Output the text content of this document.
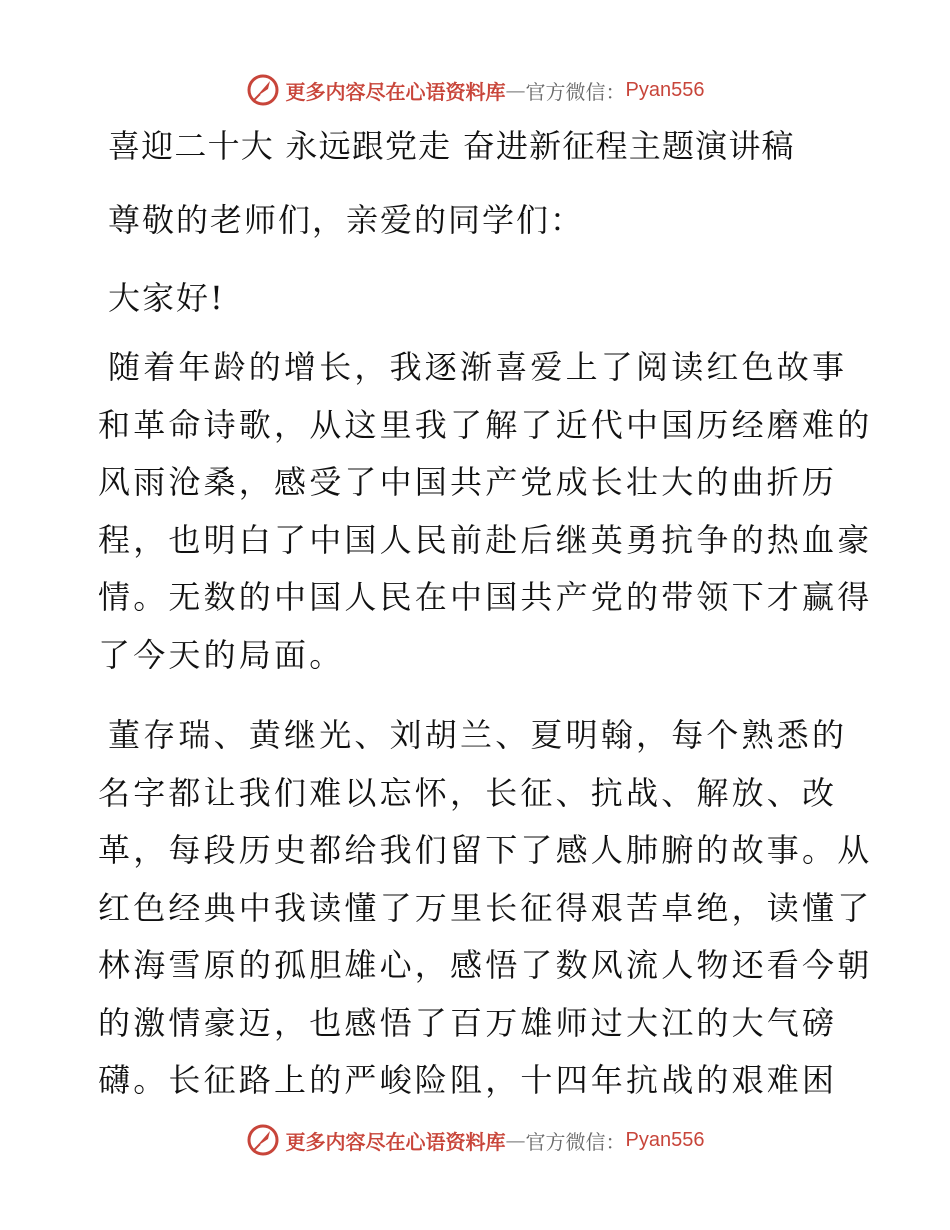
更多内容尽在心语资料库 — 官方微信： Pyan556
喜迎二十大 永远跟党走 奋进新征程主题演讲稿
尊敬的老师们，亲爱的同学们：
大家好!
随着年龄的增长，我逐渐喜爱上了阅读红色故事
和革命诗歌，从这里我了解了近代中国历经磨难的
风雨沧桑，感受了中国共产党成长壮大的曲折历
程，也明白了中国人民前赴后继英勇抗争的热血豪
情。无数的中国人民在中国共产党的带领下才赢得
了今天的局面。
董存瑞、黄继光、刘胡兰、夏明翰，每个熟悉的
名字都让我们难以忘怀，长征、抗战、解放、改
革，每段历史都给我们留下了感人肺腑的故事。从
红色经典中我读懂了万里长征得艰苦卓绝，读懂了
林海雪原的孤胆雄心，感悟了数风流人物还看今朝
的激情豪迈，也感悟了百万雄师过大江的大气磅
礴。长征路上的严峻险阻，十四年抗战的艰难困
更多内容尽在心语资料库 — 官方微信： Pyan556
